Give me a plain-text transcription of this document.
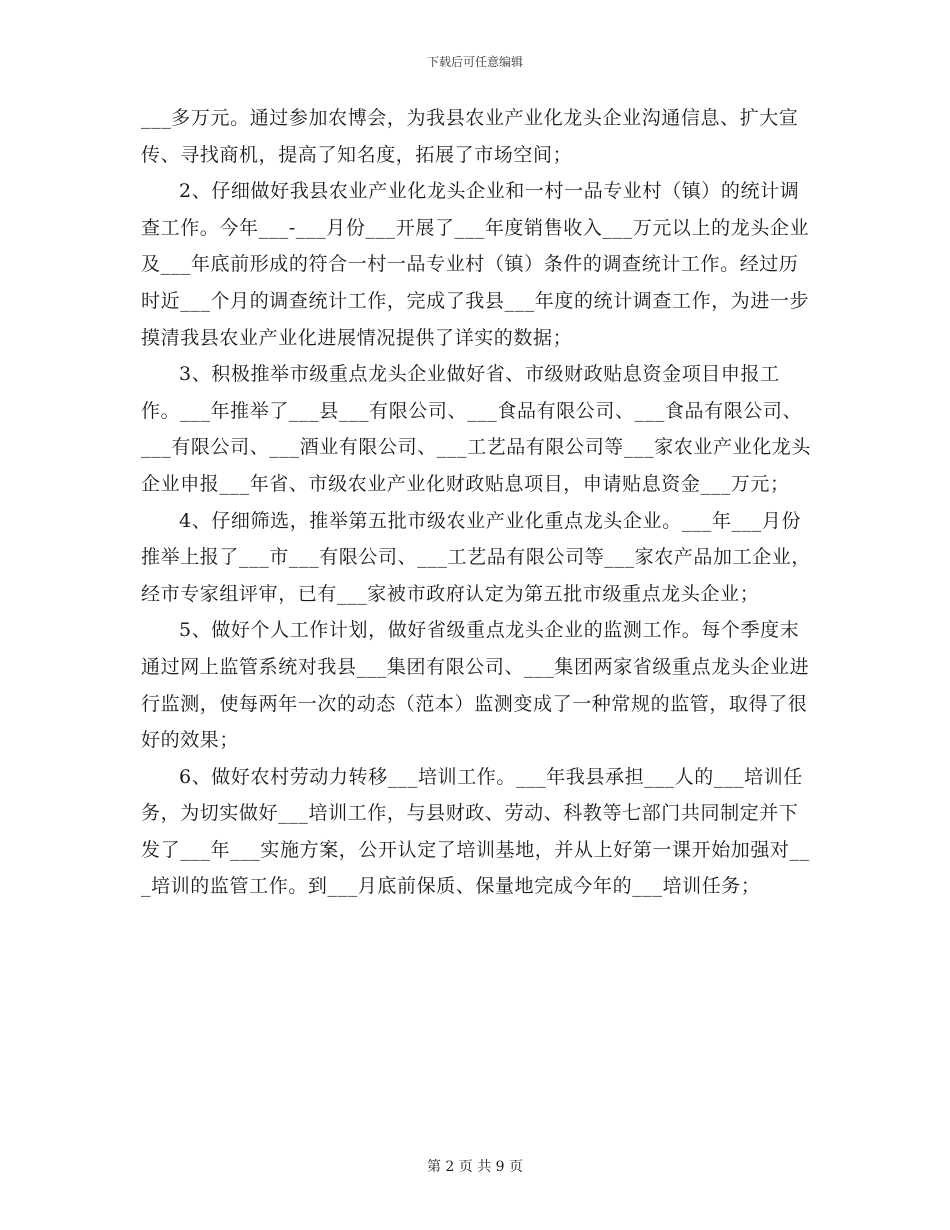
下载后可任意编辑

___多万元。通过参加农博会，为我县农业产业化龙头企业沟通信息、扩大宣传、寻找商机，提高了知名度，拓展了市场空间；

2、仔细做好我县农业产业化龙头企业和一村一品专业村（镇）的统计调查工作。今年___-___月份___开展了___年度销售收入___万元以上的龙头企业及___年底前形成的符合一村一品专业村（镇）条件的调查统计工作。经过历时近___个月的调查统计工作，完成了我县___年度的统计调查工作，为进一步摸清我县农业产业化进展情况提供了详实的数据；

3、积极推举市级重点龙头企业做好省、市级财政贴息资金项目申报工作。___年推举了___县___有限公司、___食品有限公司、___食品有限公司、___有限公司、___酒业有限公司、___工艺品有限公司等___家农业产业化龙头企业申报___年省、市级农业产业化财政贴息项目，申请贴息资金___万元；

4、仔细筛选，推举第五批市级农业产业化重点龙头企业。___年___月份推举上报了___市___有限公司、___工艺品有限公司等___家农产品加工企业，经市专家组评审，已有___家被市政府认定为第五批市级重点龙头企业；

5、做好个人工作计划，做好省级重点龙头企业的监测工作。每个季度末通过网上监管系统对我县___集团有限公司、___集团两家省级重点龙头企业进行监测，使每两年一次的动态（范本）监测变成了一种常规的监管，取得了很好的效果；

6、做好农村劳动力转移___培训工作。___年我县承担___人的___培训任务，为切实做好___培训工作，与县财政、劳动、科教等七部门共同制定并下发了___年___实施方案，公开认定了培训基地，并从上好第一课开始加强对___培训的监管工作。到___月底前保质、保量地完成今年的___培训任务；

第 2 页 共 9 页
